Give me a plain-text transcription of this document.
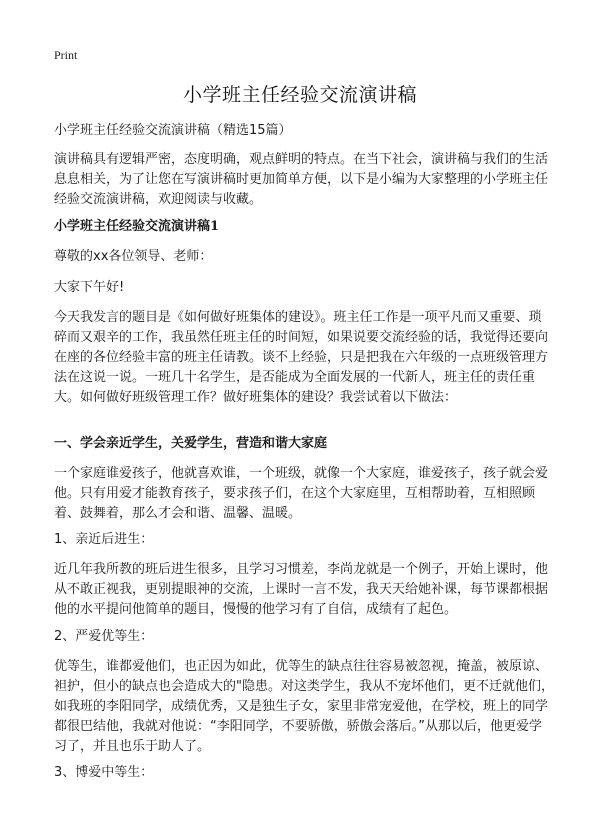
Print
小学班主任经验交流演讲稿
小学班主任经验交流演讲稿（精选15篇）
演讲稿具有逻辑严密，态度明确，观点鲜明的特点。在当下社会，演讲稿与我们的生活息息相关，为了让您在写演讲稿时更加简单方便，以下是小编为大家整理的小学班主任经验交流演讲稿，欢迎阅读与收藏。
小学班主任经验交流演讲稿1
尊敬的xx各位领导、老师：
大家下午好!
今天我发言的题目是《如何做好班集体的建设》。班主任工作是一项平凡而又重要、琐碎而又艰辛的工作，我虽然任班主任的时间短，如果说要交流经验的话，我觉得还要向在座的各位经验丰富的班主任请教。谈不上经验，只是把我在六年级的一点班级管理方法在这说一说。一班几十名学生，是否能成为全面发展的一代新人，班主任的责任重大。如何做好班级管理工作？做好班集体的建设？我尝试着以下做法：
一、学会亲近学生，关爱学生，营造和谐大家庭
一个家庭谁爱孩子，他就喜欢谁，一个班级，就像一个大家庭，谁爱孩子，孩子就会爱他。只有用爱才能教育孩子，要求孩子们，在这个大家庭里，互相帮助着，互相照顾着、鼓舞着，那么才会和谐、温馨、温暖。
1、亲近后进生：
近几年我所教的班后进生很多，且学习习惯差，李尚龙就是一个例子，开始上课时，他从不敢正视我，更别提眼神的交流，上课时一言不发，我天天给她补课，每节课都根据他的水平提问他简单的题目，慢慢的他学习有了自信，成绩有了起色。
2、严爱优等生：
优等生，谁都爱他们，也正因为如此，优等生的缺点往往容易被忽视，掩盖，被原谅、袒护，但小的缺点也会造成大的"隐患。对这类学生，我从不宠坏他们，更不迁就他们，如我班的李阳同学，成绩优秀，又是独生子女，家里非常宠爱他，在学校，班上的同学都很巴结他，我就对他说：“李阳同学，不要骄傲，骄傲会落后。”从那以后，他更爱学习了，并且也乐于助人了。
3、博爱中等生：
